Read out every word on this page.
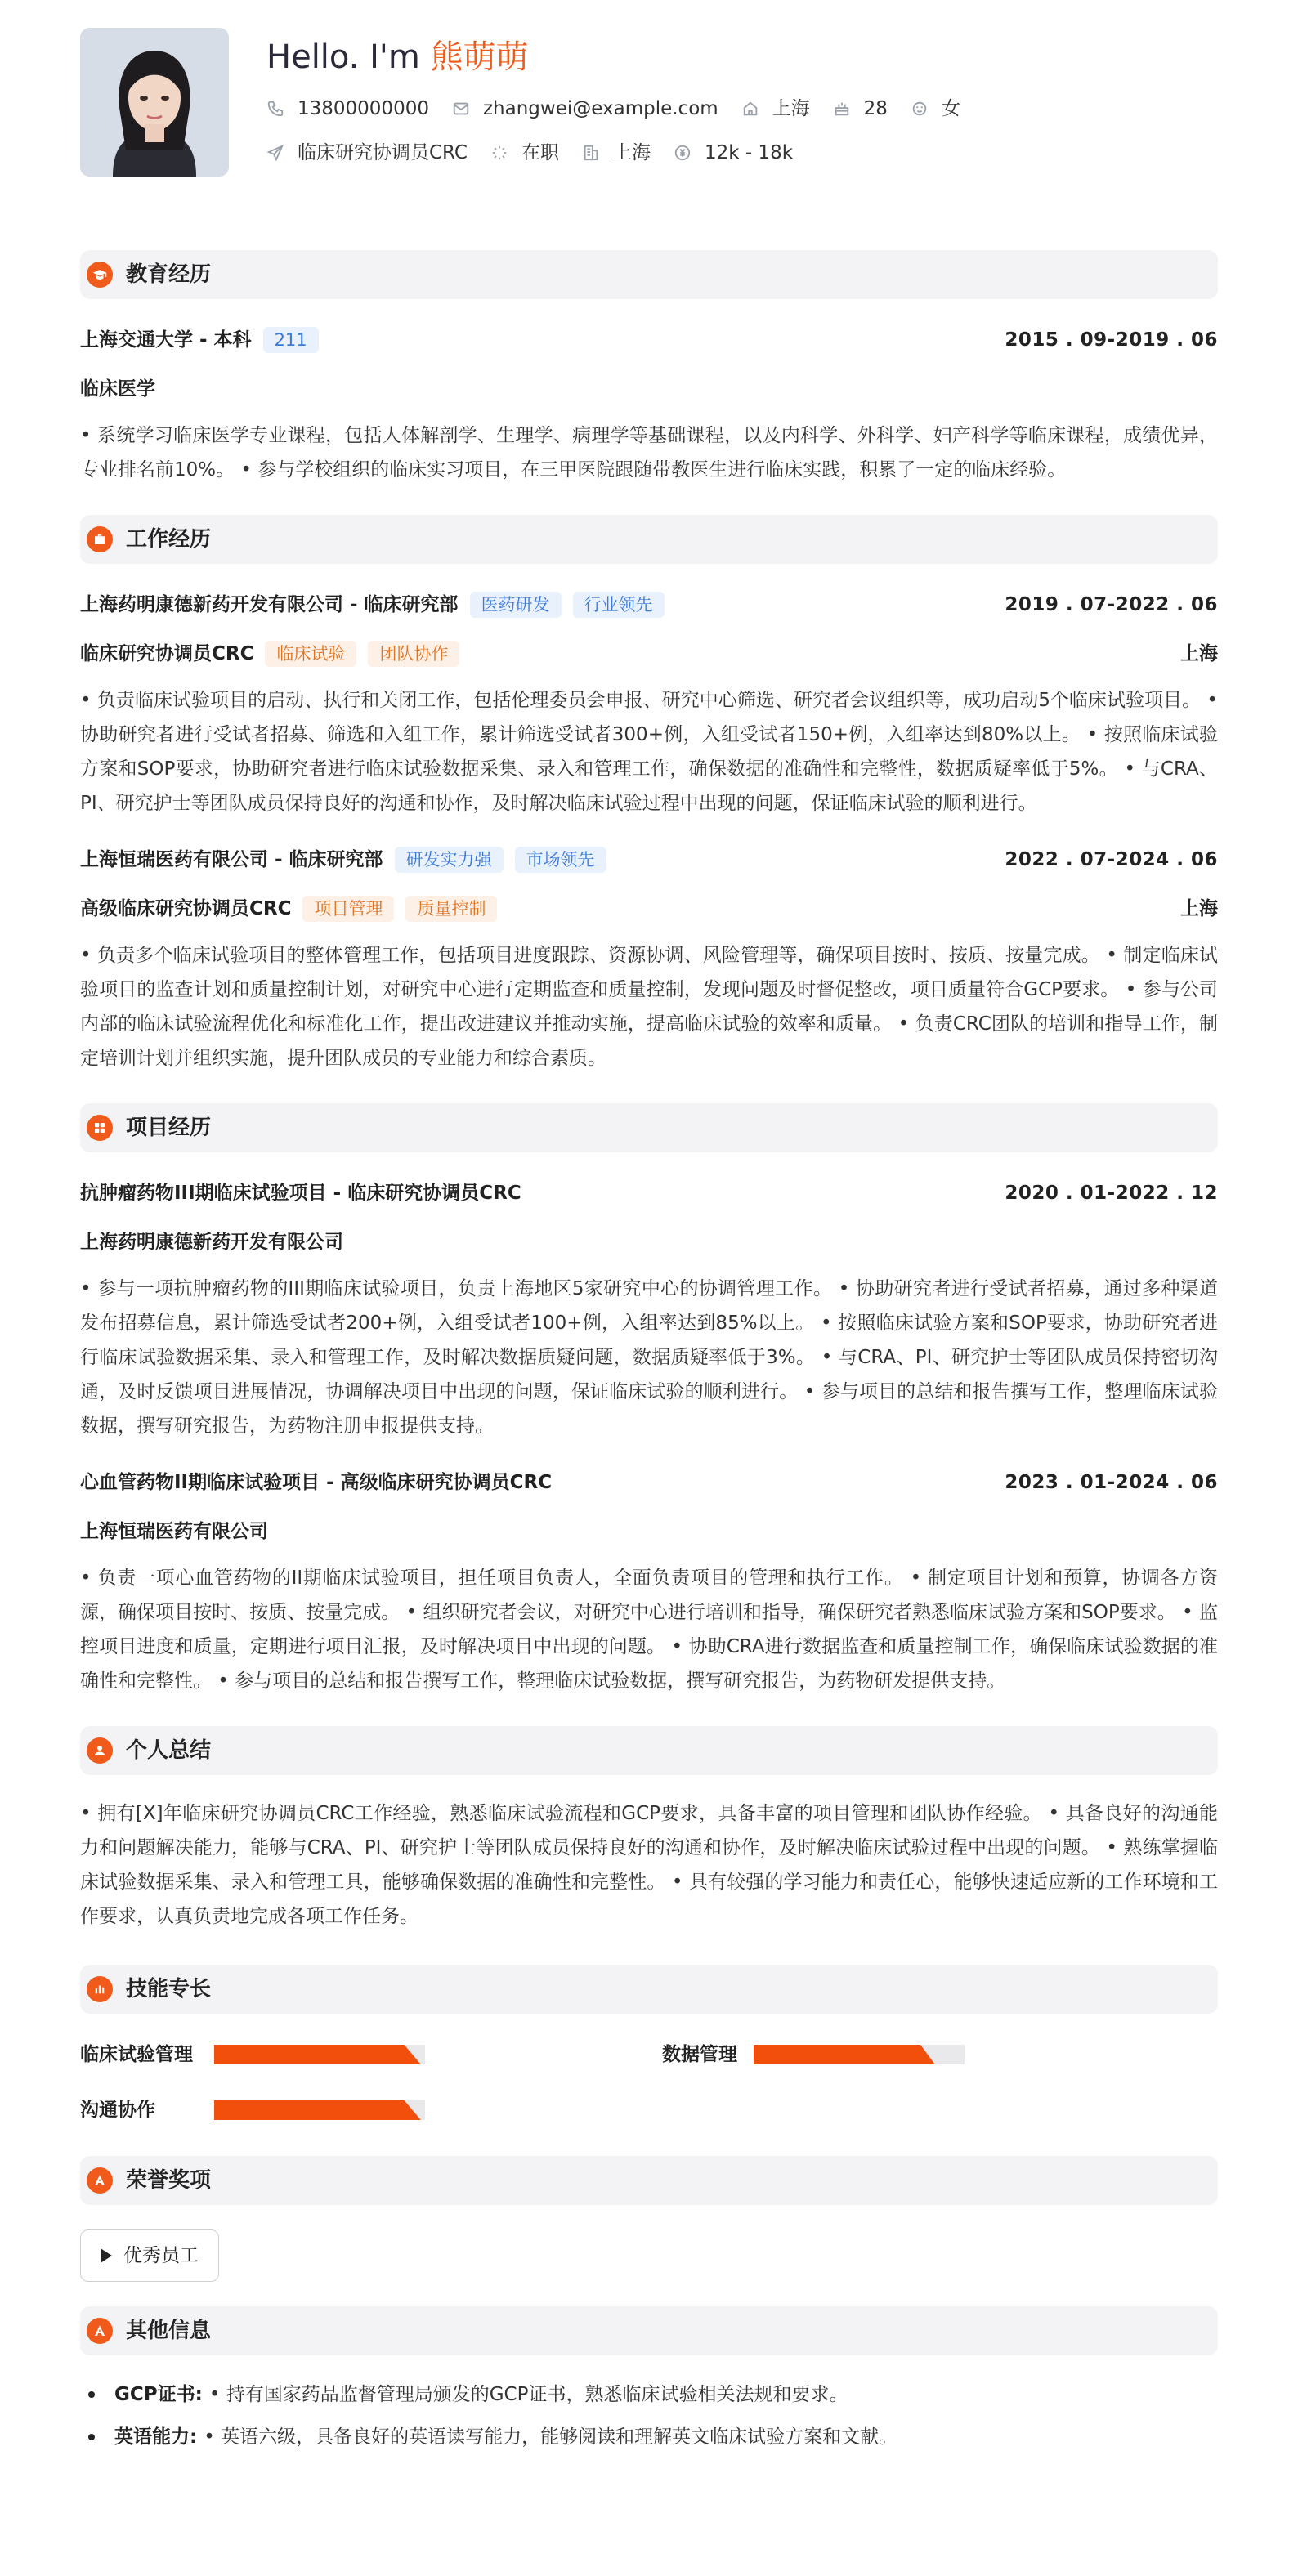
Hello. I'm 熊萌萌
13800000000	zhangwei@example.com	上海	28	女
临床研究协调员CRC	在职	上海	12k - 18k
教育经历
上海交通大学 - 本科	211	2015 . 09-2019 . 06
临床医学
• 系统学习临床医学专业课程，包括人体解剖学、生理学、病理学等基础课程，以及内科学、外科学、妇产科学等临床课程，成绩优异，专业排名前10%。 • 参与学校组织的临床实习项目，在三甲医院跟随带教医生进行临床实践，积累了一定的临床经验。
工作经历
上海药明康德新药开发有限公司 - 临床研究部	医药研发	行业领先	2019 . 07-2022 . 06
临床研究协调员CRC	临床试验	团队协作	上海
• 负责临床试验项目的启动、执行和关闭工作，包括伦理委员会申报、研究中心筛选、研究者会议组织等，成功启动5个临床试验项目。 • 协助研究者进行受试者招募、筛选和入组工作，累计筛选受试者300+例，入组受试者150+例，入组率达到80%以上。 • 按照临床试验方案和SOP要求，协助研究者进行临床试验数据采集、录入和管理工作，确保数据的准确性和完整性，数据质疑率低于5%。 • 与CRA、PI、研究护士等团队成员保持良好的沟通和协作，及时解决临床试验过程中出现的问题，保证临床试验的顺利进行。
上海恒瑞医药有限公司 - 临床研究部	研发实力强	市场领先	2022 . 07-2024 . 06
高级临床研究协调员CRC	项目管理	质量控制	上海
• 负责多个临床试验项目的整体管理工作，包括项目进度跟踪、资源协调、风险管理等，确保项目按时、按质、按量完成。 • 制定临床试验项目的监查计划和质量控制计划，对研究中心进行定期监查和质量控制，发现问题及时督促整改，项目质量符合GCP要求。 • 参与公司内部的临床试验流程优化和标准化工作，提出改进建议并推动实施，提高临床试验的效率和质量。 • 负责CRC团队的培训和指导工作，制定培训计划并组织实施，提升团队成员的专业能力和综合素质。
项目经历
抗肿瘤药物III期临床试验项目 - 临床研究协调员CRC	2020 . 01-2022 . 12
上海药明康德新药开发有限公司
• 参与一项抗肿瘤药物的III期临床试验项目，负责上海地区5家研究中心的协调管理工作。 • 协助研究者进行受试者招募，通过多种渠道发布招募信息，累计筛选受试者200+例，入组受试者100+例，入组率达到85%以上。 • 按照临床试验方案和SOP要求，协助研究者进行临床试验数据采集、录入和管理工作，及时解决数据质疑问题，数据质疑率低于3%。 • 与CRA、PI、研究护士等团队成员保持密切沟通，及时反馈项目进展情况，协调解决项目中出现的问题，保证临床试验的顺利进行。 • 参与项目的总结和报告撰写工作，整理临床试验数据，撰写研究报告，为药物注册申报提供支持。
心血管药物II期临床试验项目 - 高级临床研究协调员CRC	2023 . 01-2024 . 06
上海恒瑞医药有限公司
• 负责一项心血管药物的II期临床试验项目，担任项目负责人，全面负责项目的管理和执行工作。 • 制定项目计划和预算，协调各方资源，确保项目按时、按质、按量完成。 • 组织研究者会议，对研究中心进行培训和指导，确保研究者熟悉临床试验方案和SOP要求。 • 监控项目进度和质量，定期进行项目汇报，及时解决项目中出现的问题。 • 协助CRA进行数据监查和质量控制工作，确保临床试验数据的准确性和完整性。 • 参与项目的总结和报告撰写工作，整理临床试验数据，撰写研究报告，为药物研发提供支持。
个人总结
• 拥有[X]年临床研究协调员CRC工作经验，熟悉临床试验流程和GCP要求，具备丰富的项目管理和团队协作经验。 • 具备良好的沟通能力和问题解决能力，能够与CRA、PI、研究护士等团队成员保持良好的沟通和协作，及时解决临床试验过程中出现的问题。 • 熟练掌握临床试验数据采集、录入和管理工具，能够确保数据的准确性和完整性。 • 具有较强的学习能力和责任心，能够快速适应新的工作环境和工作要求，认真负责地完成各项工作任务。
技能专长
临床试验管理	数据管理
沟通协作
荣誉奖项
优秀员工
其他信息
GCP证书: • 持有国家药品监督管理局颁发的GCP证书，熟悉临床试验相关法规和要求。
英语能力: • 英语六级，具备良好的英语读写能力，能够阅读和理解英文临床试验方案和文献。
